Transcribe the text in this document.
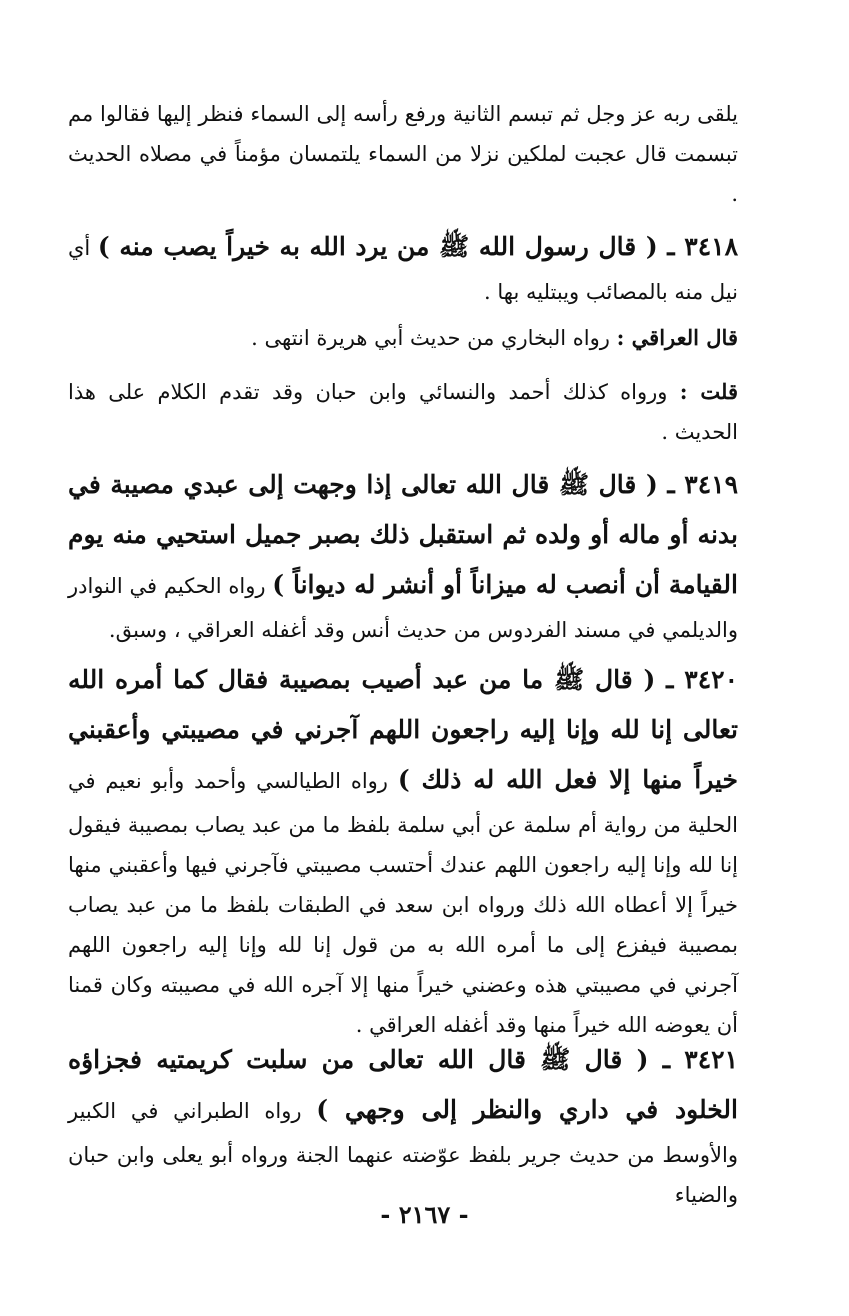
يلقى ربه عز وجل ثم تبسم الثانية ورفع رأسه إلى السماء فنظر إليها فقالوا مم تبسمت قال عجبت لملكين نزلا من السماء يلتمسان مؤمناً في مصلاه الحديث .

٣٤١٨ ـ ( قال رسول الله ﷺ من يرد الله به خيراً يصب منه ) أي نيل منه بالمصائب ويبتليه بها .

قال العراقي : رواه البخاري من حديث أبي هريرة انتهى .

قلت : ورواه كذلك أحمد والنسائي وابن حبان وقد تقدم الكلام على هذا الحديث .

٣٤١٩ ـ ( قال ﷺ قال الله تعالى إذا وجهت إلى عبدي مصيبة في بدنه أو ماله أو ولده ثم استقبل ذلك بصبر جميل استحيي منه يوم القيامة أن أنصب له ميزاناً أو أنشر له ديواناً ) رواه الحكيم في النوادر والديلمي في مسند الفردوس من حديث أنس وقد أغفله العراقي ، وسبق.

٣٤٢٠ ـ ( قال ﷺ ما من عبد أصيب بمصيبة فقال كما أمره الله تعالى إنا لله وإنا إليه راجعون اللهم آجرني في مصيبتي وأعقبني خيراً منها إلا فعل الله له ذلك ) رواه الطيالسي وأحمد وأبو نعيم في الحلية من رواية أم سلمة عن أبي سلمة بلفظ ما من عبد يصاب بمصيبة فيقول إنا لله وإنا إليه راجعون اللهم عندك أحتسب مصيبتي فآجرني فيها وأعقبني منها خيراً إلا أعطاه الله ذلك ورواه ابن سعد في الطبقات بلفظ ما من عبد يصاب بمصيبة فيفزع إلى ما أمره الله به من قول إنا لله وإنا إليه راجعون اللهم آجرني في مصيبتي هذه وعضني خيراً منها إلا آجره الله في مصيبته وكان قمنا أن يعوضه الله خيراً منها وقد أغفله العراقي .

٣٤٢١ ـ ( قال ﷺ قال الله تعالى من سلبت كريمتيه فجزاؤه الخلود في داري والنظر إلى وجهي ) رواه الطبراني في الكبير والأوسط من حديث جرير بلفظ عوّضته عنهما الجنة ورواه أبو يعلى وابن حبان والضياء

- ٢١٦٧ -
